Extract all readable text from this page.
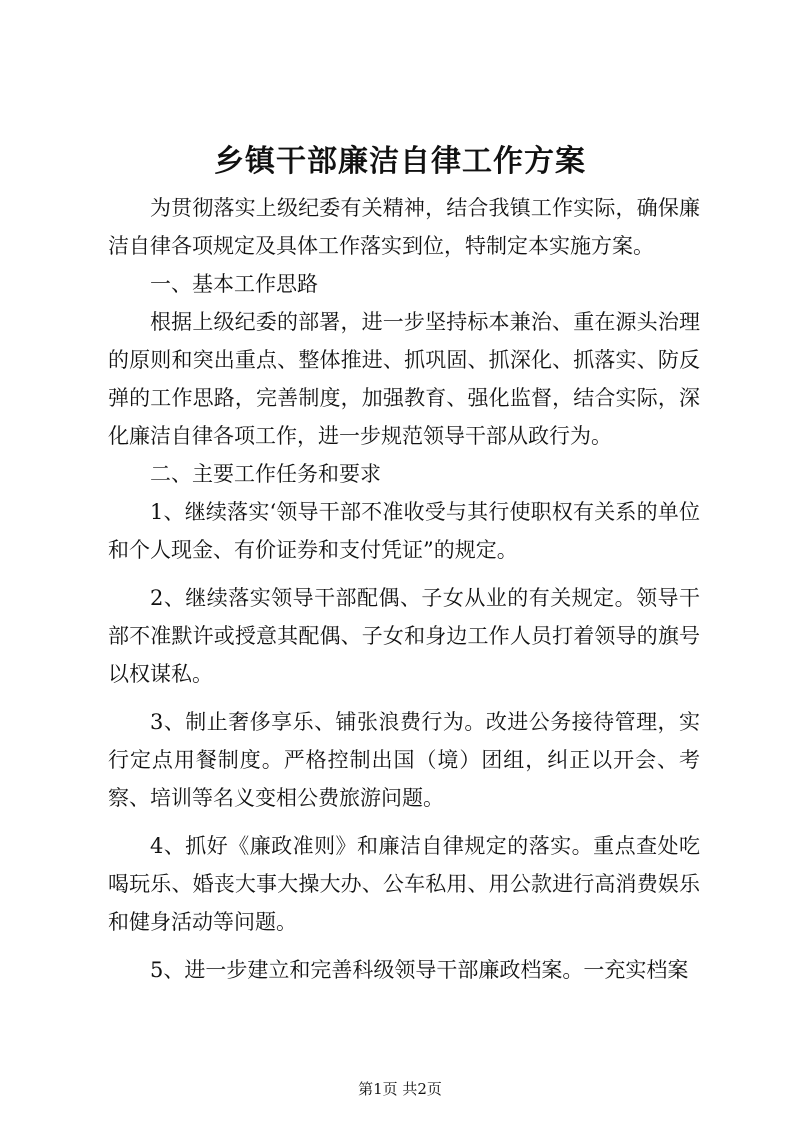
乡镇干部廉洁自律工作方案

为贯彻落实上级纪委有关精神，结合我镇工作实际，确保廉洁自律各项规定及具体工作落实到位，特制定本实施方案。

一、基本工作思路

根据上级纪委的部署，进一步坚持标本兼治、重在源头治理的原则和突出重点、整体推进、抓巩固、抓深化、抓落实、防反弹的工作思路，完善制度，加强教育、强化监督，结合实际，深化廉洁自律各项工作，进一步规范领导干部从政行为。

二、主要工作任务和要求

1、继续落实‘领导干部不准收受与其行使职权有关系的单位和个人现金、有价证券和支付凭证”的规定。

2、继续落实领导干部配偶、子女从业的有关规定。领导干部不准默许或授意其配偶、子女和身边工作人员打着领导的旗号以权谋私。

3、制止奢侈享乐、铺张浪费行为。改进公务接待管理，实行定点用餐制度。严格控制出国（境）团组，纠正以开会、考察、培训等名义变相公费旅游问题。

4、抓好《廉政准则》和廉洁自律规定的落实。重点查处吃喝玩乐、婚丧大事大操大办、公车私用、用公款进行高消费娱乐和健身活动等问题。

5、进一步建立和完善科级领导干部廉政档案。一充实档案

第1页 共2页
